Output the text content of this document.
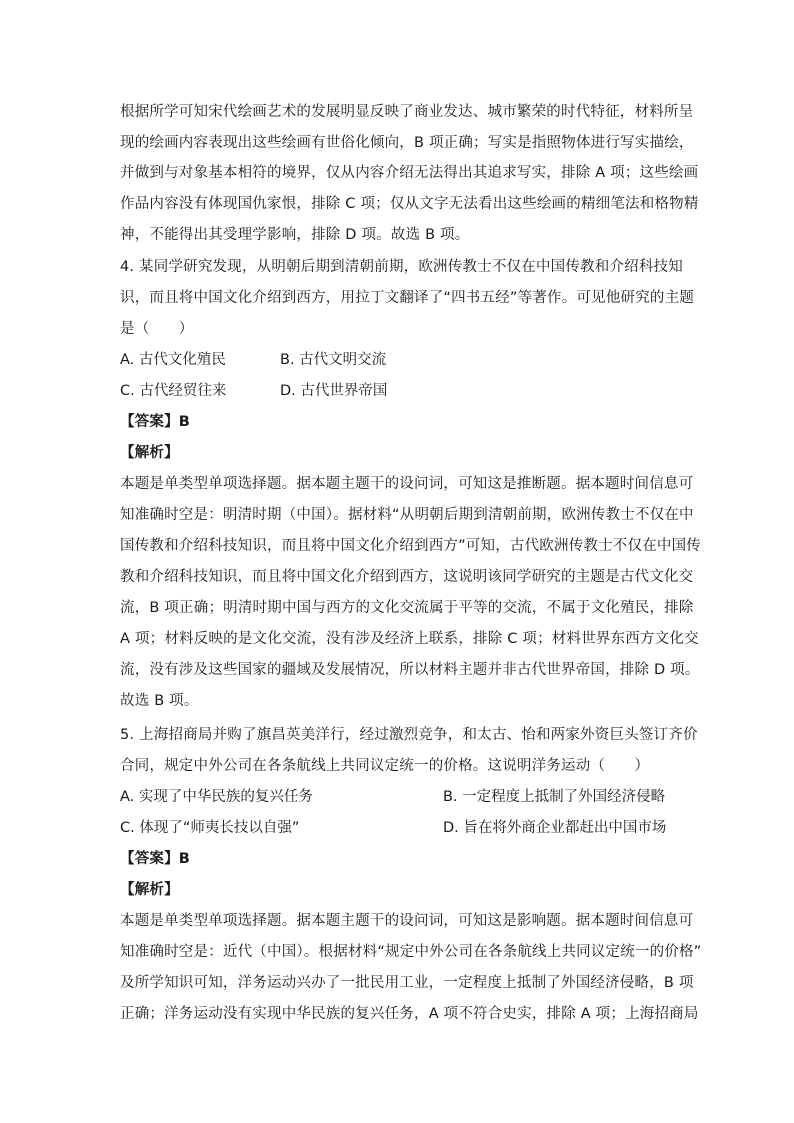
根据所学可知宋代绘画艺术的发展明显反映了商业发达、城市繁荣的时代特征，材料所呈
现的绘画内容表现出这些绘画有世俗化倾向，B 项正确；写实是指照物体进行写实描绘，
并做到与对象基本相符的境界，仅从内容介绍无法得出其追求写实，排除 A 项；这些绘画
作品内容没有体现国仇家恨，排除 C 项；仅从文字无法看出这些绘画的精细笔法和格物精
神，不能得出其受理学影响，排除 D 项。故选 B 项。
4. 某同学研究发现，从明朝后期到清朝前期，欧洲传教士不仅在中国传教和介绍科技知
识，而且将中国文化介绍到西方，用拉丁文翻译了“四书五经”等著作。可见他研究的主题
是（　　）
A. 古代文化殖民	B. 古代文明交流
C. 古代经贸往来	D. 古代世界帝国
【答案】B
【解析】
本题是单类型单项选择题。据本题主题干的设问词，可知这是推断题。据本题时间信息可
知准确时空是：明清时期（中国）。据材料“从明朝后期到清朝前期，欧洲传教士不仅在中
国传教和介绍科技知识，而且将中国文化介绍到西方”可知，古代欧洲传教士不仅在中国传
教和介绍科技知识，而且将中国文化介绍到西方，这说明该同学研究的主题是古代文化交
流，B 项正确；明清时期中国与西方的文化交流属于平等的交流，不属于文化殖民，排除
A 项；材料反映的是文化交流，没有涉及经济上联系，排除 C 项；材料世界东西方文化交
流，没有涉及这些国家的疆域及发展情况，所以材料主题并非古代世界帝国，排除 D 项。
故选 B 项。
5. 上海招商局并购了旗昌英美洋行，经过激烈竞争，和太古、怡和两家外资巨头签订齐价
合同，规定中外公司在各条航线上共同议定统一的价格。这说明洋务运动（　　）
A. 实现了中华民族的复兴任务	B. 一定程度上抵制了外国经济侵略
C. 体现了“师夷长技以自强”	D. 旨在将外商企业都赶出中国市场
【答案】B
【解析】
本题是单类型单项选择题。据本题主题干的设问词，可知这是影响题。据本题时间信息可
知准确时空是：近代（中国）。根据材料“规定中外公司在各条航线上共同议定统一的价格”
及所学知识可知，洋务运动兴办了一批民用工业，一定程度上抵制了外国经济侵略，B 项
正确；洋务运动没有实现中华民族的复兴任务，A 项不符合史实，排除 A 项；上海招商局
